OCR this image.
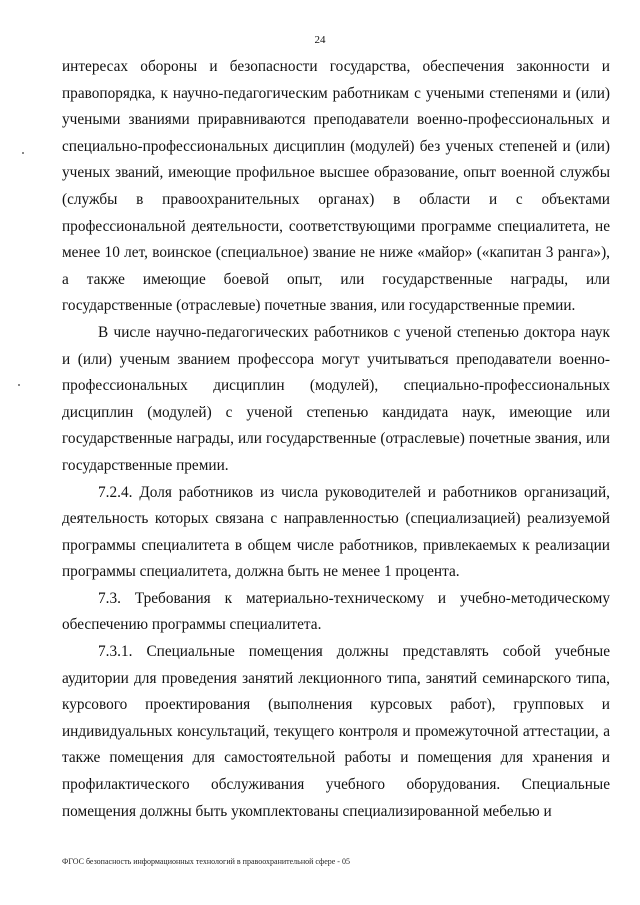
24

интересах обороны и безопасности государства, обеспечения законности и правопорядка, к научно-педагогическим работникам с учеными степенями и (или) учеными званиями приравниваются преподаватели военно-профессиональных и специально-профессиональных дисциплин (модулей) без ученых степеней и (или) ученых званий, имеющие профильное высшее образование, опыт военной службы (службы в правоохранительных органах) в области и с объектами профессиональной деятельности, соответствующими программе специалитета, не менее 10 лет, воинское (специальное) звание не ниже «майор» («капитан 3 ранга»), а также имеющие боевой опыт, или государственные награды, или государственные (отраслевые) почетные звания, или государственные премии.

В числе научно-педагогических работников с ученой степенью доктора наук и (или) ученым званием профессора могут учитываться преподаватели военно-профессиональных дисциплин (модулей), специально-профессиональных дисциплин (модулей) с ученой степенью кандидата наук, имеющие или государственные награды, или государственные (отраслевые) почетные звания, или государственные премии.

7.2.4. Доля работников из числа руководителей и работников организаций, деятельность которых связана с направленностью (специализацией) реализуемой программы специалитета в общем числе работников, привлекаемых к реализации программы специалитета, должна быть не менее 1 процента.

7.3. Требования к материально-техническому и учебно-методическому обеспечению программы специалитета.

7.3.1. Специальные помещения должны представлять собой учебные аудитории для проведения занятий лекционного типа, занятий семинарского типа, курсового проектирования (выполнения курсовых работ), групповых и индивидуальных консультаций, текущего контроля и промежуточной аттестации, а также помещения для самостоятельной работы и помещения для хранения и профилактического обслуживания учебного оборудования. Специальные помещения должны быть укомплектованы специализированной мебелью и

ФГОС безопасность информационных технологий в правоохранительной сфере - 05
